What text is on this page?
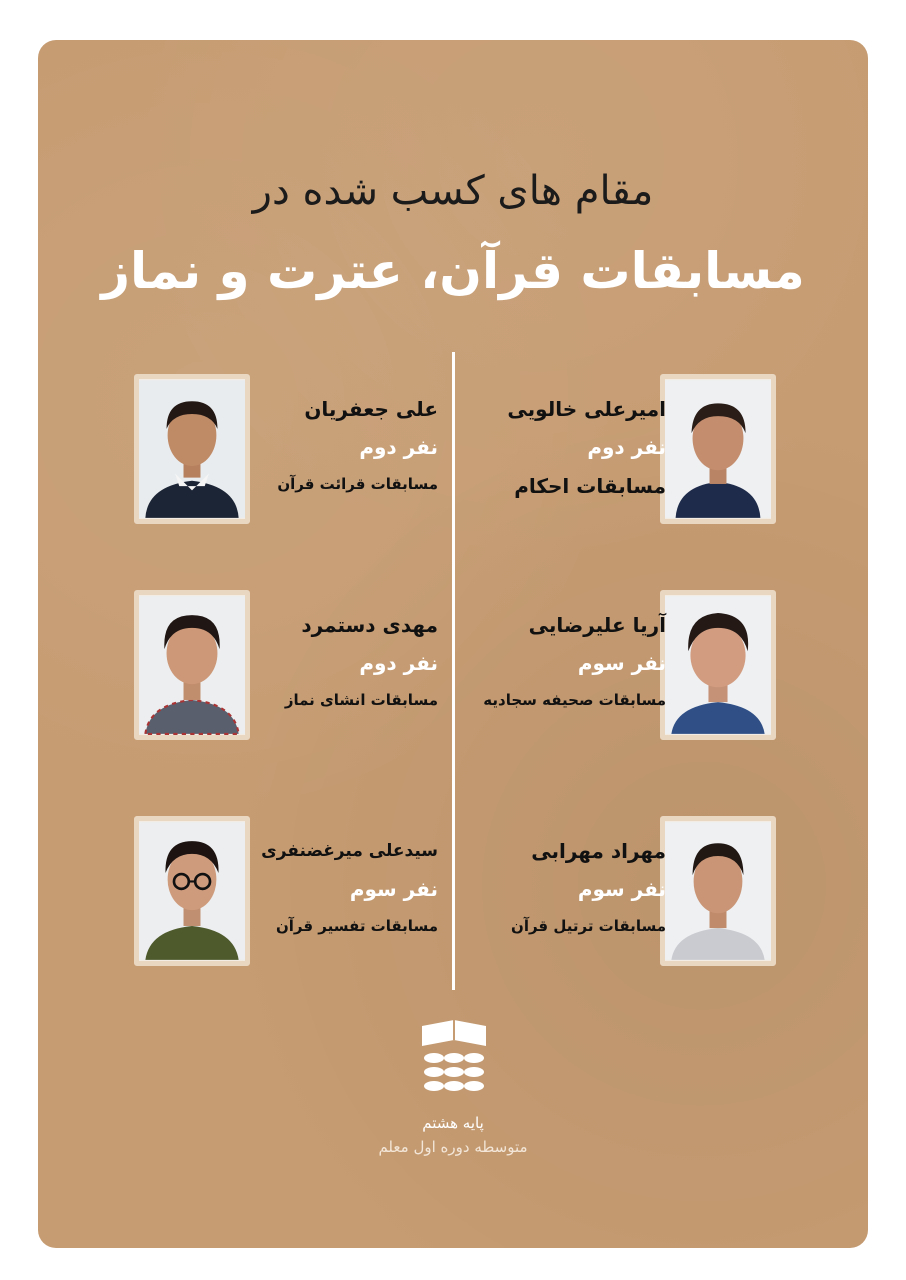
مقام های کسب شده در
مسابقات قرآن، عترت و نماز
امیرعلی خالویی
نفر دوم
مسابقات احکام
علی جعفریان
نفر دوم
مسابقات قرائت قرآن
آریا علیرضایی
نفر سوم
مسابقات صحیفه سجادیه
مهدی دستمرد
نفر دوم
مسابقات انشای نماز
مهراد مهرابی
نفر سوم
مسابقات ترتیل قرآن
سیدعلی میرغضنفری
نفر سوم
مسابقات تفسیر قرآن
پایه هشتم
متوسطه دوره اول معلم
